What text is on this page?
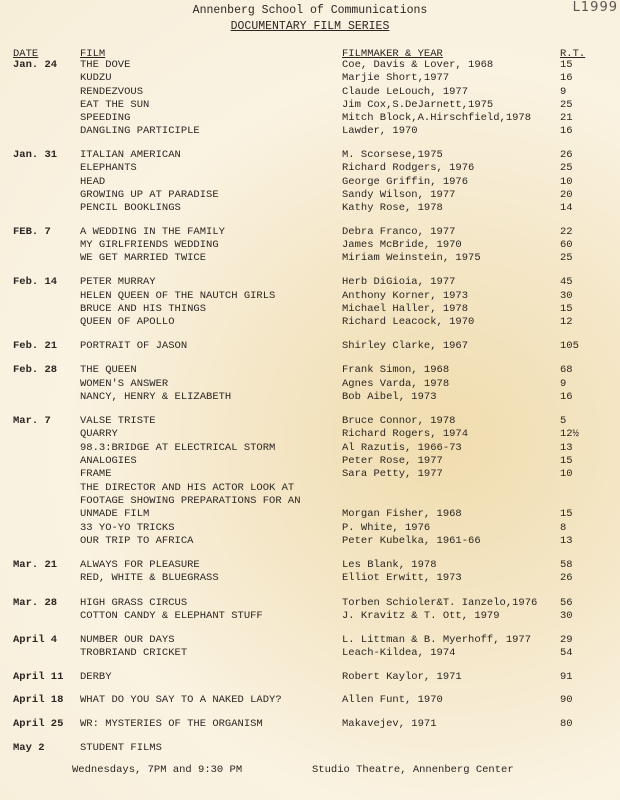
L1999
Annenberg School of Communications
DOCUMENTARY FILM SERIES
DATE	FILM	FILMMAKER & YEAR	R.T.
Jan. 24 THE DOVE	Coe, Davis & Lover, 1968	15
KUDZU	Marjie Short,1977	16
RENDEZVOUS	Claude LeLouch, 1977	9
EAT THE SUN	Jim Cox,S.DeJarnett,1975	25
SPEEDING	Mitch Block,A.Hirschfield,1978	21
DANGLING PARTICIPLE	Lawder, 1970	16
Jan. 31 ITALIAN AMERICAN	M. Scorsese,1975	26
ELEPHANTS	Richard Rodgers, 1976	25
HEAD	George Griffin, 1976	10
GROWING UP AT PARADISE	Sandy Wilson, 1977	20
PENCIL BOOKLINGS	Kathy Rose, 1978	14
FEB. 7	A WEDDING IN THE FAMILY	Debra Franco, 1977	22
MY GIRLFRIENDS WEDDING	James McBride, 1970	60
WE GET MARRIED TWICE	Miriam Weinstein, 1975	25
Feb. 14 PETER MURRAY	Herb DiGioia, 1977	45
HELEN QUEEN OF THE NAUTCH GIRLS	Anthony Korner, 1973	30
BRUCE AND HIS THINGS	Michael Haller, 1978	15
QUEEN OF APOLLO	Richard Leacock, 1970	12
Feb. 21 PORTRAIT OF JASON	Shirley Clarke, 1967	105
Feb. 28 THE QUEEN	Frank Simon, 1968	68
WOMEN'S ANSWER	Agnes Varda, 1978	9
NANCY, HENRY & ELIZABETH	Bob Aibel, 1973	16
Mar. 7	VALSE TRISTE	Bruce Connor, 1978	5
QUARRY	Richard Rogers, 1974	12½
98.3:BRIDGE AT ELECTRICAL STORM	Al Razutis, 1966-73	13
ANALOGIES	Peter Rose, 1977	15
FRAME	Sara Petty, 1977	10
THE DIRECTOR AND HIS ACTOR LOOK AT
FOOTAGE SHOWING PREPARATIONS FOR AN
UNMADE FILM	Morgan Fisher, 1968	15
33 YO-YO TRICKS	P. White, 1976	8
OUR TRIP TO AFRICA	Peter Kubelka, 1961-66	13
Mar. 21 ALWAYS FOR PLEASURE	Les Blank, 1978	58
RED, WHITE & BLUEGRASS	Elliot Erwitt, 1973	26
Mar. 28 HIGH GRASS CIRCUS	Torben Schioler&T. Ianzelo,1976 56
COTTON CANDY & ELEPHANT STUFF	J. Kravitz & T. Ott, 1979	30
April 4 NUMBER OUR DAYS	L. Littman & B. Myerhoff, 1977	29
TROBRIAND CRICKET	Leach-Kildea, 1974	54
April 11 DERBY	Robert Kaylor, 1971	91
April 18 WHAT DO YOU SAY TO A NAKED LADY?	Allen Funt, 1970	90
April 25 WR: MYSTERIES OF THE ORGANISM	Makavejev, 1971	80
May 2	STUDENT FILMS
Wednesdays, 7PM and 9:30 PM	Studio Theatre, Annenberg Center
